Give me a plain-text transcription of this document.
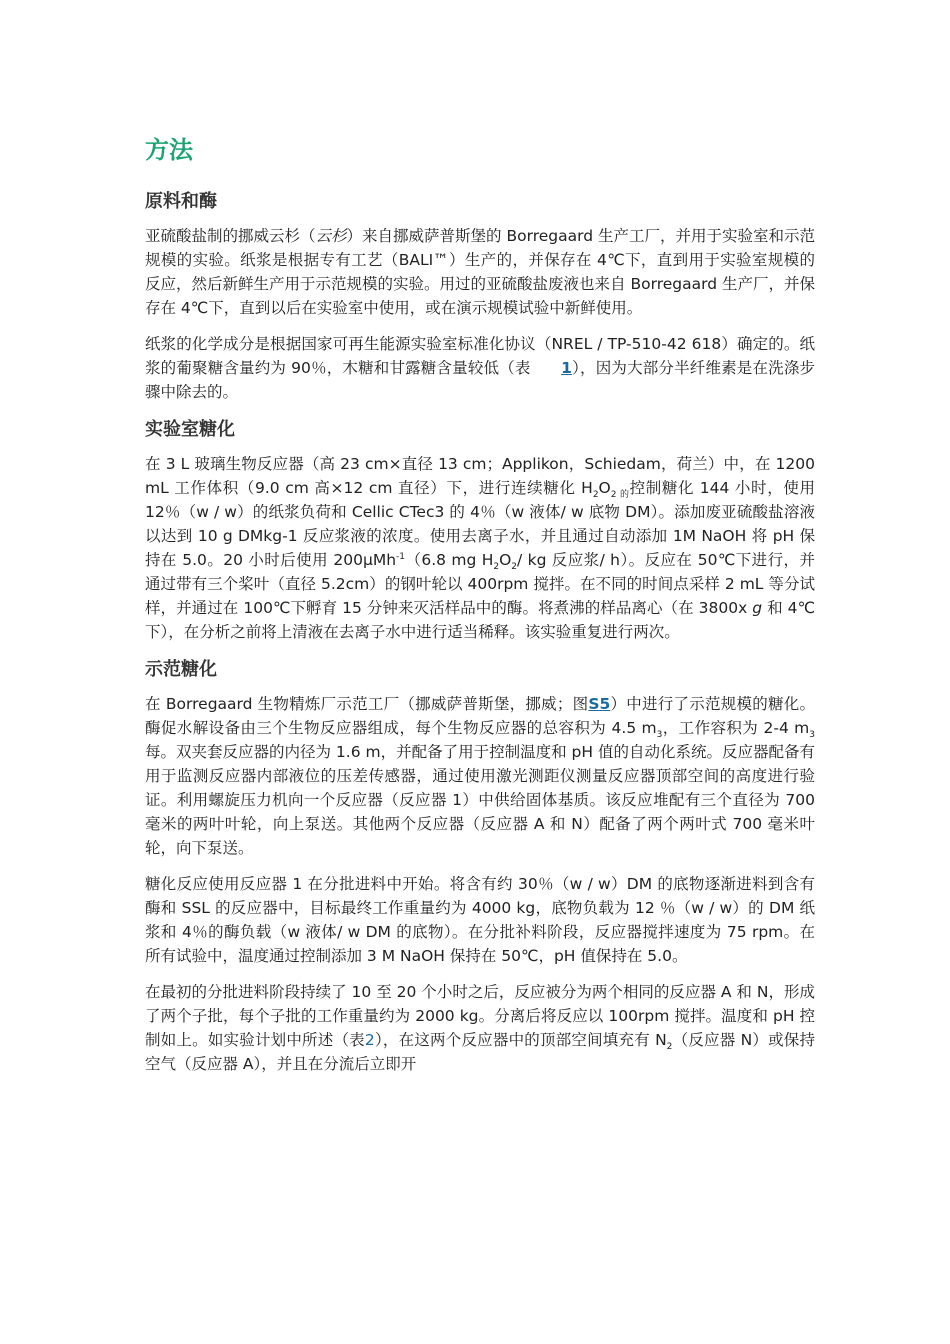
方法
原料和酶

亚硫酸盐制的挪威云杉（云杉）来自挪威萨普斯堡的 Borregaard 生产工厂，并用于实验室和示范规模的实验。纸浆是根据专有工艺（BALI™）生产的，并保存在 4℃下，直到用于实验室规模的反应，然后新鲜生产用于示范规模的实验。用过的亚硫酸盐废液也来自 Borregaard 生产厂，并保存在 4℃下，直到以后在实验室中使用，或在演示规模试验中新鲜使用。

纸浆的化学成分是根据国家可再生能源实验室标准化协议（NREL / TP-510-42 618）确定的。纸浆的葡聚糖含量约为 90％，木糖和甘露糖含量较低（表 1），因为大部分半纤维素是在洗涤步骤中除去的。

实验室糖化

在 3 L 玻璃生物反应器（高 23 cm×直径 13 cm；Applikon，Schiedam，荷兰）中，在 1200 mL 工作体积（9.0 cm 高×12 cm 直径）下，进行连续糖化 $H_2O_{2 的}$控制糖化 144 小时，使用 12％（w / w）的纸浆负荷和 Cellic CTec3 的 4％（w 液体/ w 底物 DM）。添加废亚硫酸盐溶液以达到 10 g DMkg-1 反应浆液的浓度。使用去离子水，并且通过自动添加 1M NaOH 将 pH 保持在 5.0。20 小时后使用 200μMh$^{-1}$（6.8 mg $H_2O_2/$ kg 反应浆/ h）。反应在 50℃下进行，并通过带有三个桨叶（直径 5.2cm）的钢叶轮以 400rpm 搅拌。在不同的时间点采样 2 mL 等分试样，并通过在 100℃下孵育 15 分钟来灭活样品中的酶。将煮沸的样品离心（在 3800x g 和 4℃下），在分析之前将上清液在去离子水中进行适当稀释。该实验重复进行两次。

示范糖化

在 Borregaard 生物精炼厂示范工厂（挪威萨普斯堡，挪威；图S5）中进行了示范规模的糖化。酶促水解设备由三个生物反应器组成，每个生物反应器的总容积为 4.5 $m_3$，工作容积为 2-4 $m_3$每。双夹套反应器的内径为 1.6 m，并配备了用于控制温度和 pH 值的自动化系统。反应器配备有用于监测反应器内部液位的压差传感器，通过使用激光测距仪测量反应器顶部空间的高度进行验证。利用螺旋压力机向一个反应器（反应器 1）中供给固体基质。该反应堆配有三个直径为 700 毫米的两叶叶轮，向上泵送。其他两个反应器（反应器 A 和 N）配备了两个两叶式 700 毫米叶轮，向下泵送。

糖化反应使用反应器 1 在分批进料中开始。将含有约 30％（w / w）DM 的底物逐渐进料到含有酶和 SSL 的反应器中，目标最终工作重量约为 4000 kg，底物负载为 12 ％（w / w）的 DM 纸浆和 4％的酶负载（w 液体/ w DM 的底物）。在分批补料阶段，反应器搅拌速度为 75 rpm。在所有试验中，温度通过控制添加 3 M NaOH 保持在 50℃，pH 值保持在 5.0。

在最初的分批进料阶段持续了 10 至 20 个小时之后，反应被分为两个相同的反应器 A 和 N，形成了两个子批，每个子批的工作重量约为 2000 kg。分离后将反应以 100rpm 搅拌。温度和 pH 控制如上。如实验计划中所述（表2），在这两个反应器中的顶部空间填充有 $N_2$（反应器 N）或保持空气（反应器 A），并且在分流后立即开
